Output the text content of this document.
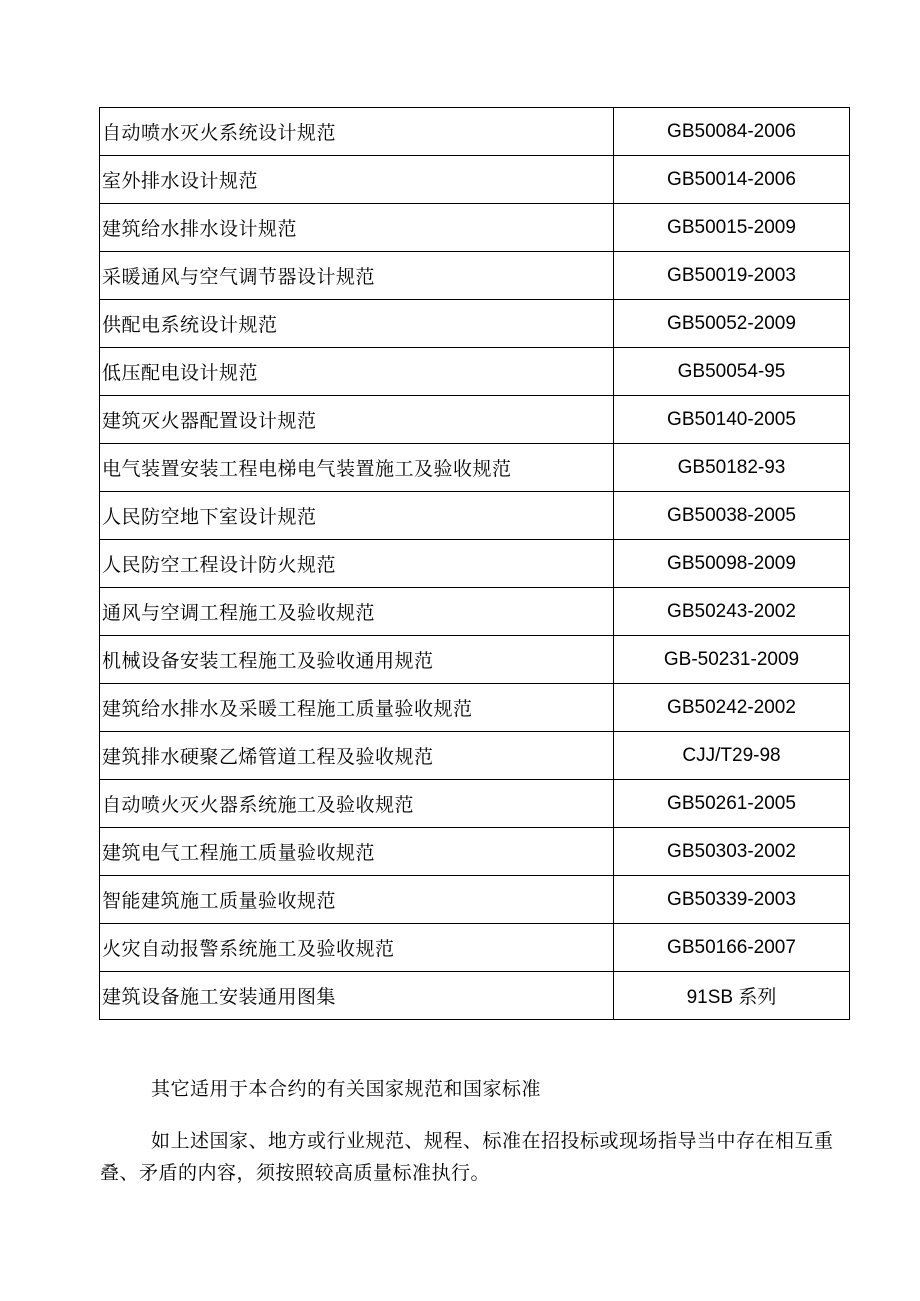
自动喷水灭火系统设计规范	GB50084-2006
室外排水设计规范	GB50014-2006
建筑给水排水设计规范	GB50015-2009
采暖通风与空气调节器设计规范	GB50019-2003
供配电系统设计规范	GB50052-2009
低压配电设计规范	GB50054-95
建筑灭火器配置设计规范	GB50140-2005
电气装置安装工程电梯电气装置施工及验收规范	GB50182-93
人民防空地下室设计规范	GB50038-2005
人民防空工程设计防火规范	GB50098-2009
通风与空调工程施工及验收规范	GB50243-2002
机械设备安装工程施工及验收通用规范	GB-50231-2009
建筑给水排水及采暖工程施工质量验收规范	GB50242-2002
建筑排水硬聚乙烯管道工程及验收规范	CJJ/T29-98
自动喷火灭火器系统施工及验收规范	GB50261-2005
建筑电气工程施工质量验收规范	GB50303-2002
智能建筑施工质量验收规范	GB50339-2003
火灾自动报警系统施工及验收规范	GB50166-2007
建筑设备施工安装通用图集	91SB 系列

其它适用于本合约的有关国家规范和国家标准

如上述国家、地方或行业规范、规程、标准在招投标或现场指导当中存在相互重叠、矛盾的内容，须按照较高质量标准执行。
